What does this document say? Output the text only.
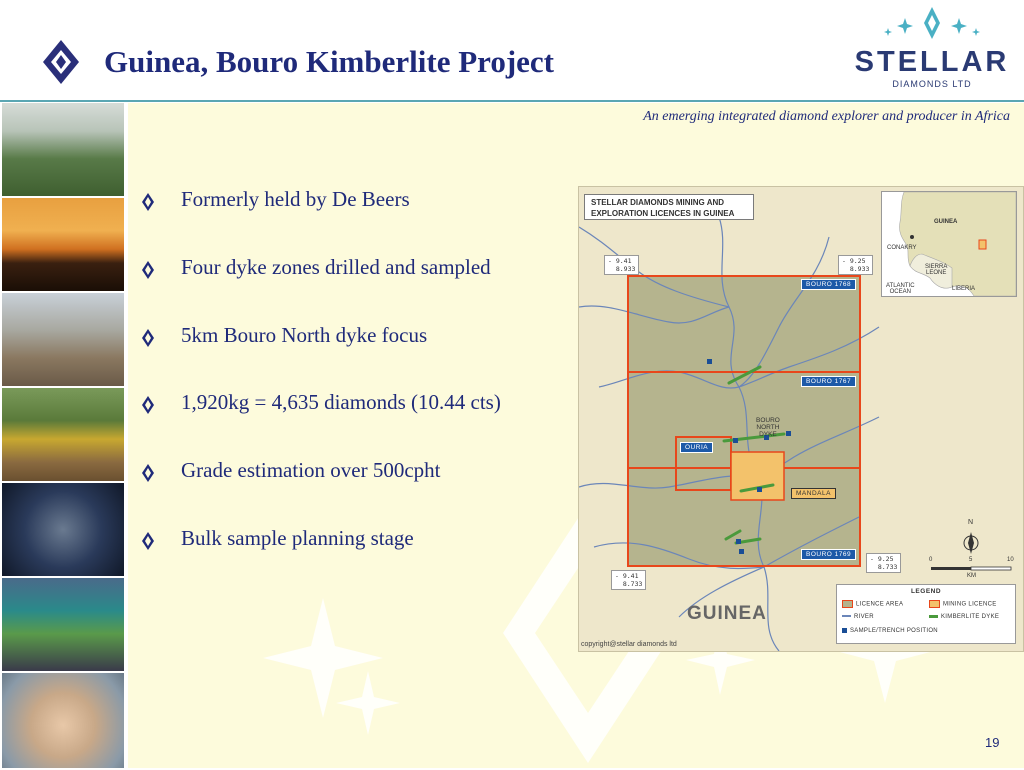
Guinea, Bouro Kimberlite Project	STELLAR
DIAMONDS LTD
An emerging integrated diamond explorer and producer in Africa
Formerly held by De Beers
Four dyke zones drilled and sampled
5km Bouro North dyke focus
1,920kg = 4,635 diamonds (10.44 cts)
Grade estimation over 500cpht
Bulk sample planning stage
STELLAR DIAMONDS MINING AND EXPLORATION LICENCES IN GUINEA
- 9.41
8.933
- 9.25
8.933
- 9.41
8.733
- 9.25
8.733
BOURO 1768
BOURO 1767
BOURO 1769
OURIA
MANDALA
BOURO
NORTH
DYKE
GUINEA
CONAKRY
SIERRA
LEONE
ATLANTIC
OCEAN	LIBERIA
GUINEA
N
0	5	10
KM
LEGEND
LICENCE AREA	MINING LICENCE
RIVER	KIMBERLITE DYKE
SAMPLE/TRENCH POSITION
copyright@stellar diamonds ltd
19
